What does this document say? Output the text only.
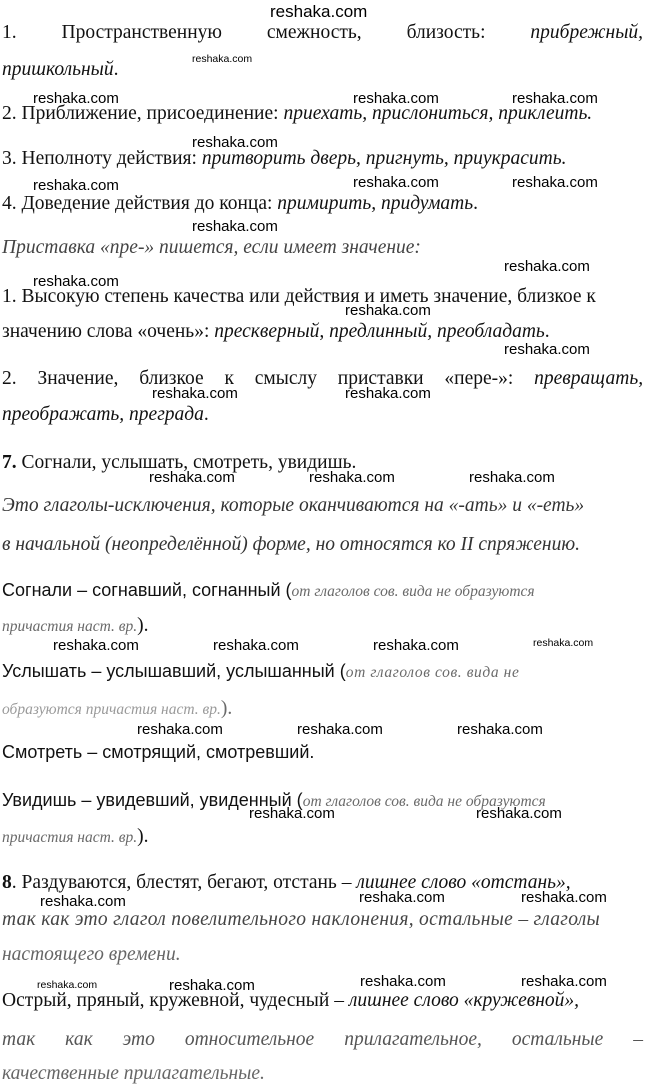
reshaka.com
1. Пространственную смежность, близость: прибрежный,
пришкольный.
2. Приближение, присоединение: приехать, прислониться, приклеить.
3. Неполноту действия: притворить дверь, пригнуть, приукрасить.
4. Доведение действия до конца: примирить, придумать.
Приставка «пре-» пишется, если имеет значение:
1. Высокую степень качества или действия и иметь значение, близкое к
значению слова «очень»: прескверный, предлинный, преобладать.
2. Значение, близкое к смыслу приставки «пере-»: превращать,
преображать, преграда.
7. Согнали, услышать, смотреть, увидишь.
Это глаголы-исключения, которые оканчиваются на «-ать» и «-еть»
в начальной (неопределённой) форме, но относятся ко II спряжению.
Согнали – согнавший, согнанный (от глаголов сов. вида не образуются
причастия наст. вр.).
Услышать – услышавший, услышанный (от глаголов сов. вида не
образуются причастия наст. вр.).
Смотреть – смотрящий, смотревший.
Увидишь – увидевший, увиденный (от глаголов сов. вида не образуются
причастия наст. вр.).
8. Раздуваются, блестят, бегают, отстань – лишнее слово «отстань»,
так как это глагол повелительного наклонения, остальные – глаголы
настоящего времени.
Острый, пряный, кружевной, чудесный – лишнее слово «кружевной»,
так как это относительное прилагательное, остальные –
качественные прилагательные.
reshaka.com
reshaka.com	reshaka.com	reshaka.com
reshaka.com
reshaka.com	reshaka.com	reshaka.com
reshaka.com
reshaka.com
reshaka.com
reshaka.com
reshaka.com
reshaka.com	reshaka.com
reshaka.com	reshaka.com	reshaka.com
reshaka.com	reshaka.com	reshaka.com	reshaka.com
reshaka.com	reshaka.com	reshaka.com
reshaka.com	reshaka.com
reshaka.com	reshaka.com	reshaka.com
reshaka.com	reshaka.com	reshaka.com	reshaka.com
